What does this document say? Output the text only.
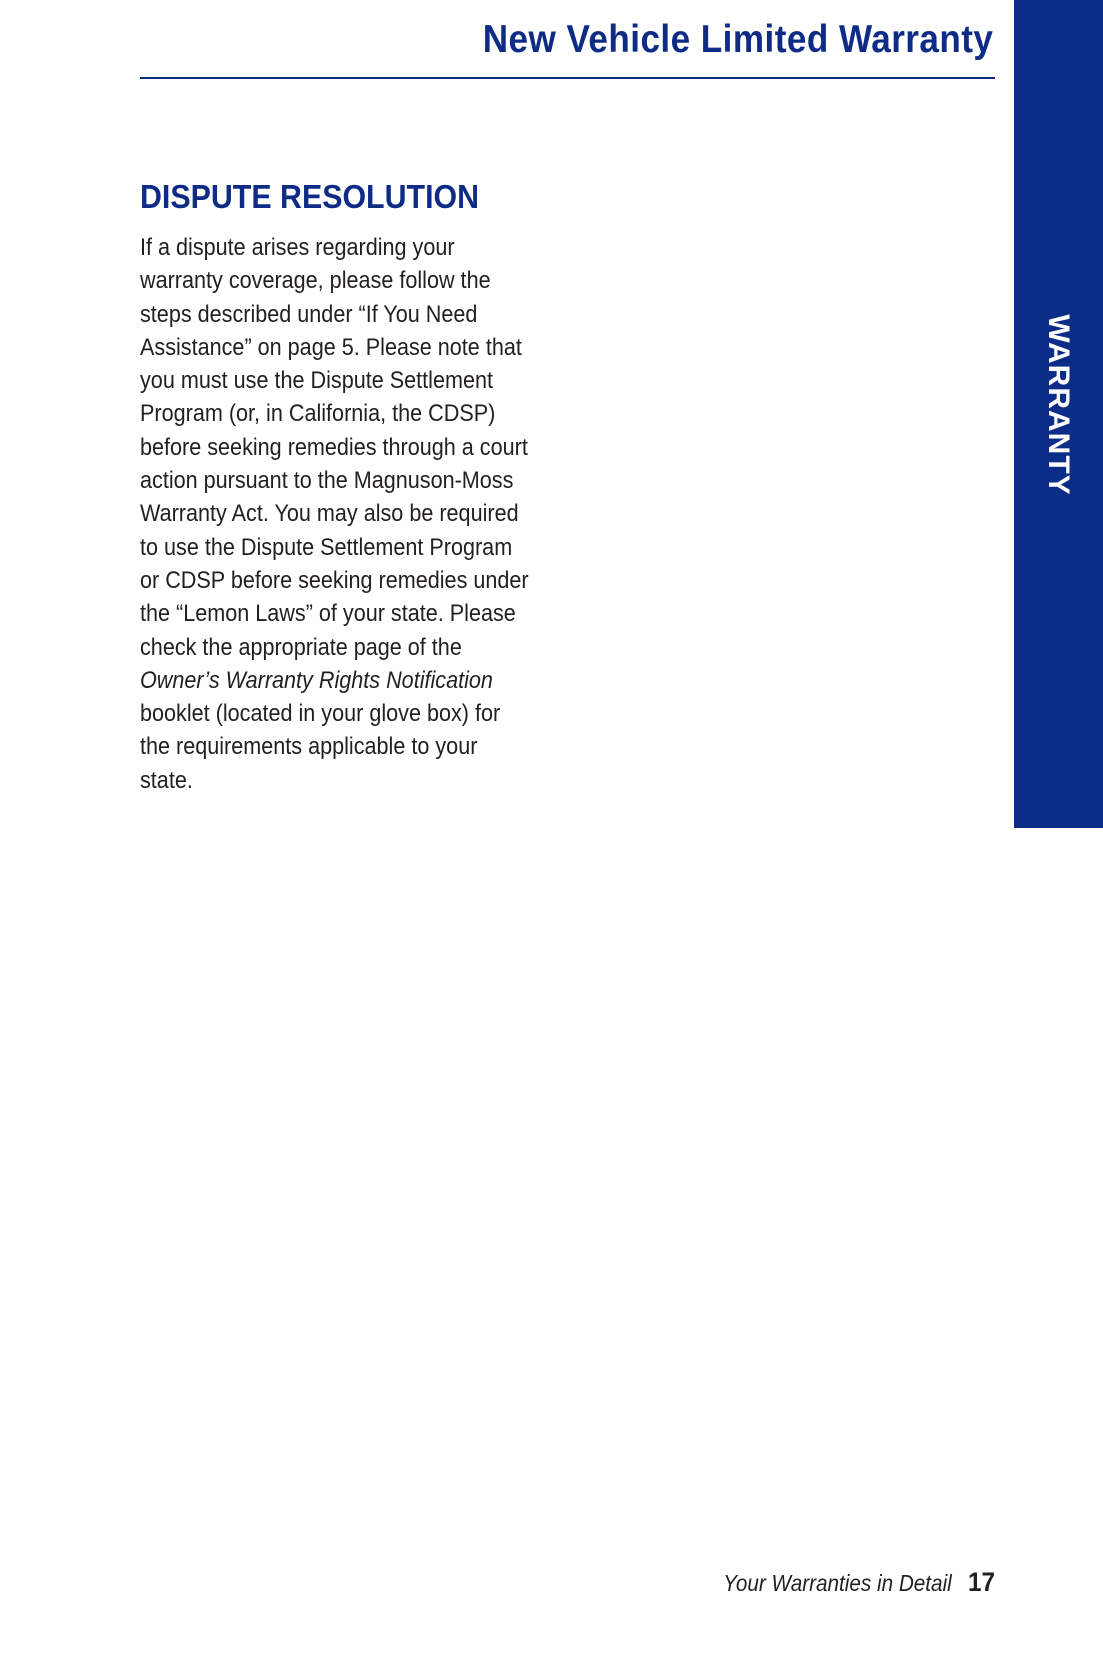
New Vehicle Limited Warranty
WARRANTY
DISPUTE RESOLUTION

If a dispute arises regarding your warranty coverage, please follow the steps described under “If You Need Assistance” on page 5. Please note that you must use the Dispute Settlement Program (or, in California, the CDSP) before seeking remedies through a court action pursuant to the Magnuson-Moss Warranty Act. You may also be required to use the Dispute Settlement Program or CDSP before seeking remedies under the “Lemon Laws” of your state. Please check the appropriate page of the Owner’s Warranty Rights Notification booklet (located in your glove box) for the requirements applicable to your state.

Your Warranties in Detail 17
